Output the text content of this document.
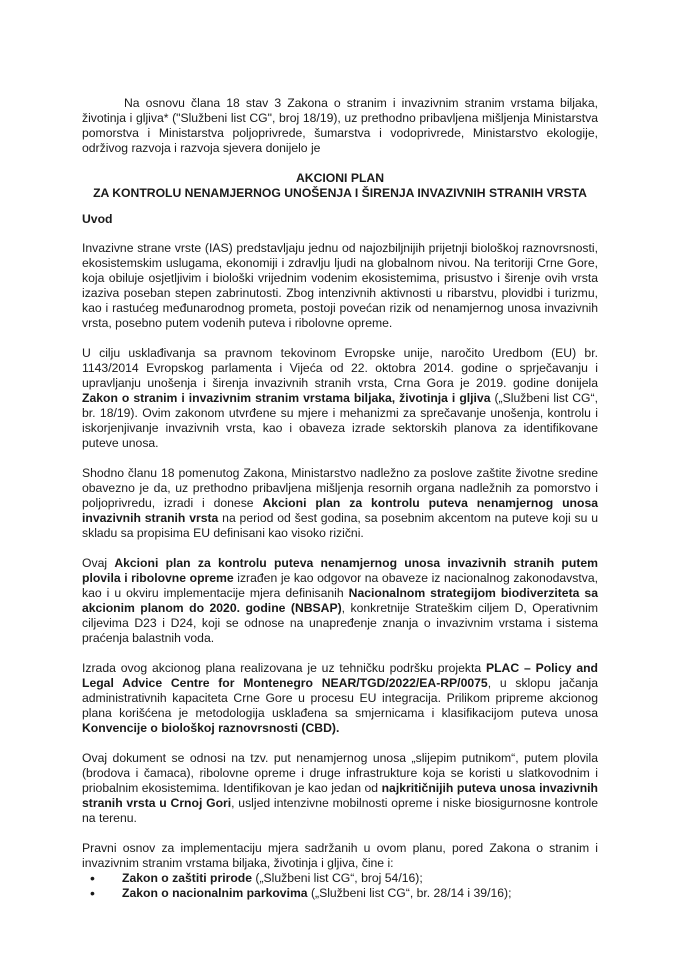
Na osnovu člana 18 stav 3 Zakona o stranim i invazivnim stranim vrstama biljaka, životinja i gljiva* ("Službeni list CG", broj 18/19), uz prethodno pribavljena mišljenja Ministarstva pomorstva i Ministarstva poljoprivrede, šumarstva i vodoprivrede, Ministarstvo ekologije, održivog razvoja i razvoja sjevera donijelo je

AKCIONI PLAN

ZA KONTROLU NENAMJERNOG UNOŠENJA I ŠIRENJA INVAZIVNIH STRANIH VRSTA

Uvod

Invazivne strane vrste (IAS) predstavljaju jednu od najozbiljnijih prijetnji biološkoj raznovrsnosti, ekosistemskim uslugama, ekonomiji i zdravlju ljudi na globalnom nivou. Na teritoriji Crne Gore, koja obiluje osjetljivim i biološki vrijednim vodenim ekosistemima, prisustvo i širenje ovih vrsta izaziva poseban stepen zabrinutosti. Zbog intenzivnih aktivnosti u ribarstvu, plovidbi i turizmu, kao i rastućeg međunarodnog prometa, postoji povećan rizik od nenamjernog unosa invazivnih vrsta, posebno putem vodenih puteva i ribolovne opreme.

U cilju usklađivanja sa pravnom tekovinom Evropske unije, naročito Uredbom (EU) br. 1143/2014 Evropskog parlamenta i Vijeća od 22. oktobra 2014. godine o sprječavanju i upravljanju unošenja i širenja invazivnih stranih vrsta, Crna Gora je 2019. godine donijela Zakon o stranim i invazivnim stranim vrstama biljaka, životinja i gljiva („Službeni list CG“, br. 18/19). Ovim zakonom utvrđene su mjere i mehanizmi za sprečavanje unošenja, kontrolu i iskorjenjivanje invazivnih vrsta, kao i obaveza izrade sektorskih planova za identifikovane puteve unosa.

Shodno članu 18 pomenutog Zakona, Ministarstvo nadležno za poslove zaštite životne sredine obavezno je da, uz prethodno pribavljena mišljenja resornih organa nadležnih za pomorstvo i poljoprivredu, izradi i donese Akcioni plan za kontrolu puteva nenamjernog unosa invazivnih stranih vrsta na period od šest godina, sa posebnim akcentom na puteve koji su u skladu sa propisima EU definisani kao visoko rizični.

Ovaj Akcioni plan za kontrolu puteva nenamjernog unosa invazivnih stranih putem plovila i ribolovne opreme izrađen je kao odgovor na obaveze iz nacionalnog zakonodavstva, kao i u okviru implementacije mjera definisanih Nacionalnom strategijom biodiverziteta sa akcionim planom do 2020. godine (NBSAP), konkretnije Strateškim ciljem D, Operativnim ciljevima D23 i D24, koji se odnose na unapređenje znanja o invazivnim vrstama i sistema praćenja balastnih voda.

Izrada ovog akcionog plana realizovana je uz tehničku podršku projekta PLAC – Policy and Legal Advice Centre for Montenegro NEAR/TGD/2022/EA-RP/0075, u sklopu jačanja administrativnih kapaciteta Crne Gore u procesu EU integracija. Prilikom pripreme akcionog plana korišćena je metodologija usklađena sa smjernicama i klasifikacijom puteva unosa Konvencije o biološkoj raznovrsnosti (CBD).

Ovaj dokument se odnosi na tzv. put nenamjernog unosa „slijepim putnikom“, putem plovila (brodova i čamaca), ribolovne opreme i druge infrastrukture koja se koristi u slatkovodnim i priobalnim ekosistemima. Identifikovan je kao jedan od najkritičnijih puteva unosa invazivnih stranih vrsta u Crnoj Gori, usljed intenzivne mobilnosti opreme i niske biosigurnosne kontrole na terenu.

Pravni osnov za implementaciju mjera sadržanih u ovom planu, pored Zakona o stranim i invazivnim stranim vrstama biljaka, životinja i gljiva, čine i:

• Zakon o zaštiti prirode („Službeni list CG“, broj 54/16);
• Zakon o nacionalnim parkovima („Službeni list CG“, br. 28/14 i 39/16);
